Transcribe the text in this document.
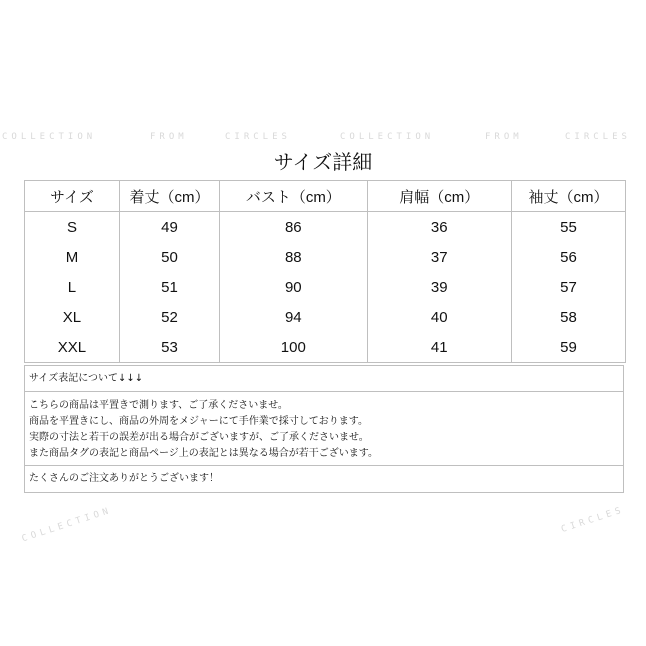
COLLECTION	FROM	CIRCLES	COLLECTION	FROM	CIRCLES
COLLECTION	CIRCLES
サイズ詳細
サイズ	着丈（cm）	バスト（cm）	肩幅（cm）	袖丈（cm）
S	49	86	36	55
M	50	88	37	56
L	51	90	39	57
XL	52	94	40	58
XXL	53	100	41	59
サイズ表記について↓↓↓
こちらの商品は平置きで測ります、ご了承くださいませ。
商品を平置きにし、商品の外周をメジャーにて手作業で採寸しております。
実際の寸法と若干の誤差が出る場合がございますが、ご了承くださいませ。
また商品タグの表記と商品ページ上の表記とは異なる場合が若干ございます。
たくさんのご注文ありがとうございます！
